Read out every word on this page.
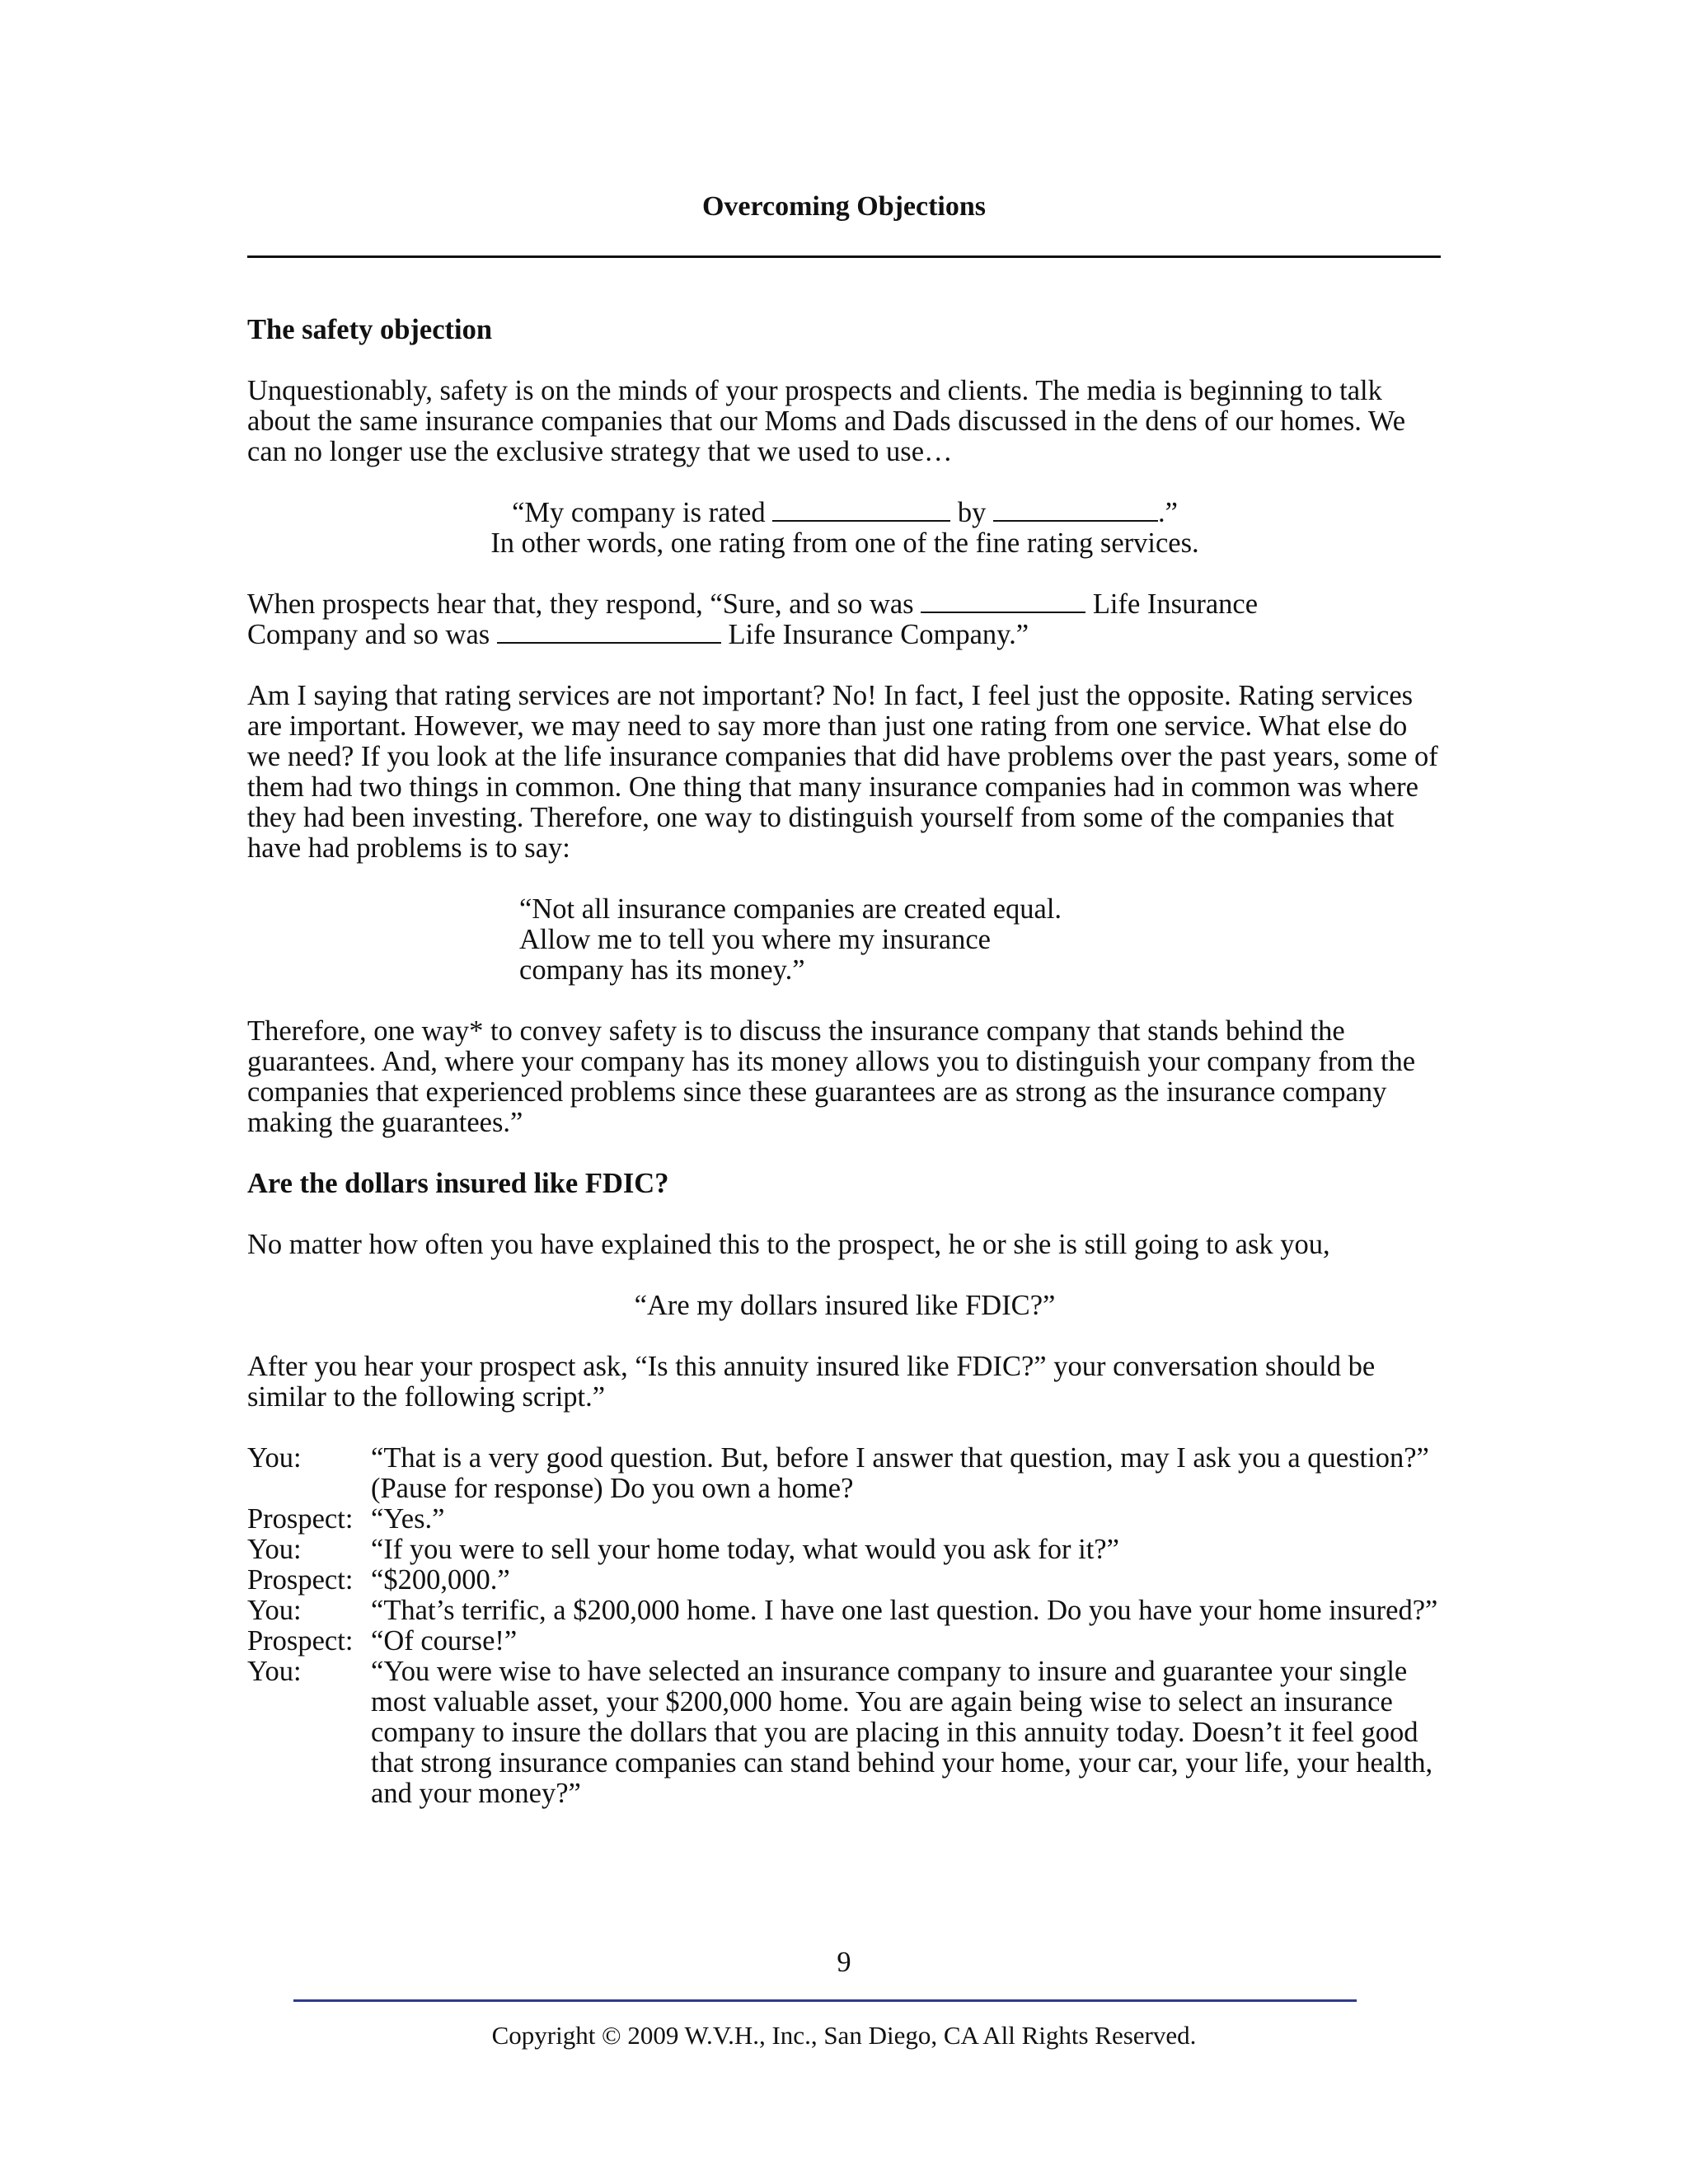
Overcoming Objections
The safety objection

Unquestionably, safety is on the minds of your prospects and clients. The media is beginning to talk about the same insurance companies that our Moms and Dads discussed in the dens of our homes. We can no longer use the exclusive strategy that we used to use…

“My company is rated	by	.”

In other words, one rating from one of the fine rating services.

When prospects hear that, they respond, “Sure, and so was	Life Insurance
Company and so was	Life Insurance Company.”

Am I saying that rating services are not important? No! In fact, I feel just the opposite. Rating services are important. However, we may need to say more than just one rating from one service. What else do we need? If you look at the life insurance companies that did have problems over the past years, some of them had two things in common. One thing that many insurance companies had in common was where they had been investing. Therefore, one way to distinguish yourself from some of the companies that have had problems is to say:

“Not all insurance companies are created equal.

Allow me to tell you where my insurance

company has its money.”

Therefore, one way* to convey safety is to discuss the insurance company that stands behind the guarantees. And, where your company has its money allows you to distinguish your company from the companies that experienced problems since these guarantees are as strong as the insurance company making the guarantees.”

Are the dollars insured like FDIC?

No matter how often you have explained this to the prospect, he or she is still going to ask you,

“Are my dollars insured like FDIC?”

After you hear your prospect ask, “Is this annuity insured like FDIC?” your conversation should be similar to the following script.”

You: “That is a very good question. But, before I answer that question, may I ask you a question?”

(Pause for response) Do you own a home?

Prospect: “Yes.”

You: “If you were to sell your home today, what would you ask for it?”

Prospect: “$200,000.”

You: “That’s terrific, a $200,000 home. I have one last question. Do you have your home insured?”

Prospect: “Of course!”

You:	“You were wise to have selected an insurance company to insure and guarantee your single most valuable asset, your $200,000 home. You are again being wise to select an insurance company to insure the dollars that you are placing in this annuity today. Doesn’t it feel good that strong insurance companies can stand behind your home, your car, your life, your health, and your money?”
9
Copyright © 2009 W.V.H., Inc., San Diego, CA All Rights Reserved.
